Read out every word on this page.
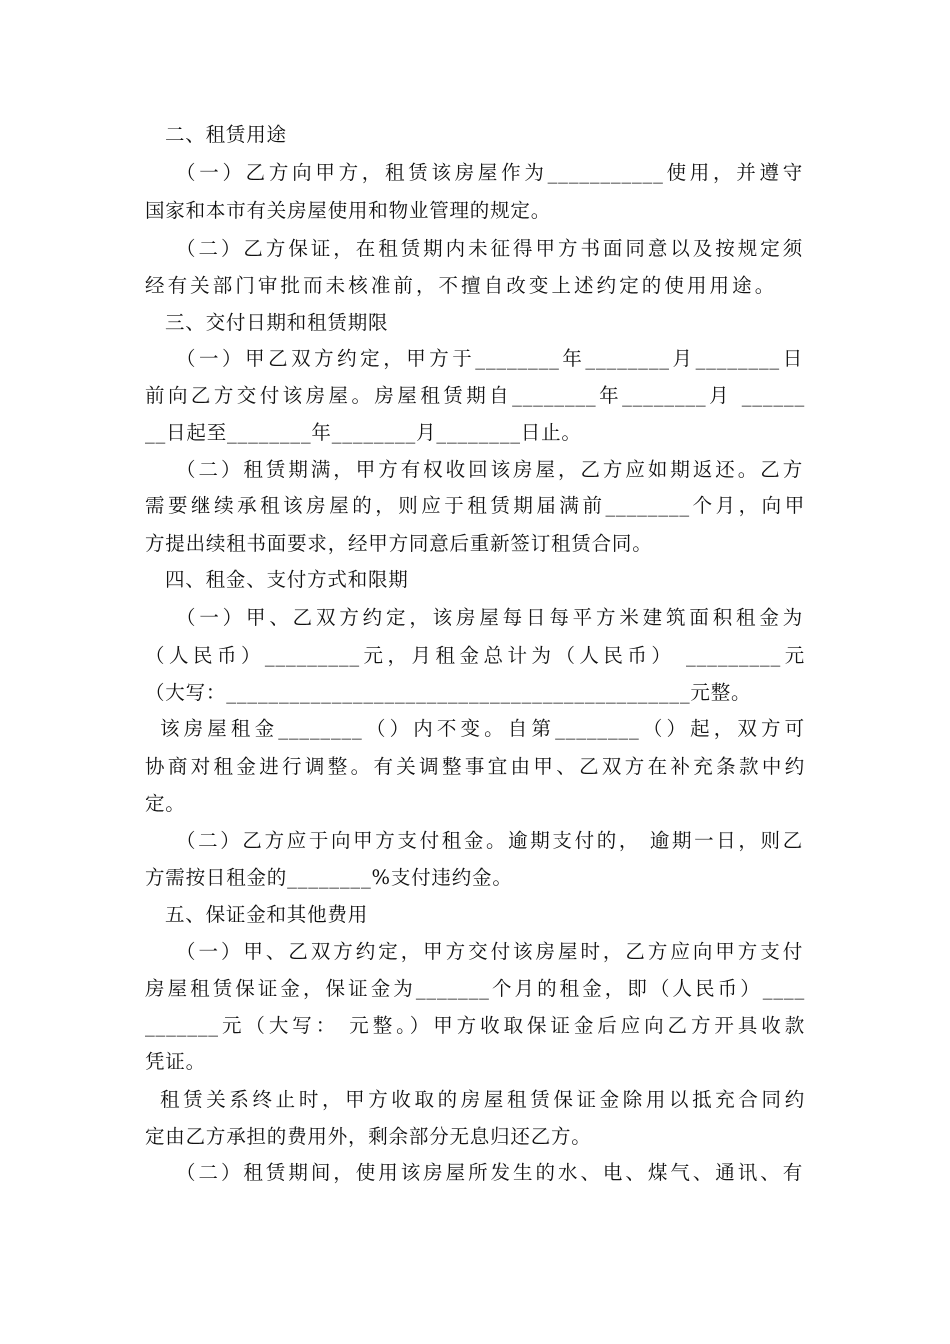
二、租赁用途
（一）乙方向甲方，租赁该房屋作为___________使用，并遵守
国家和本市有关房屋使用和物业管理的规定。
（二）乙方保证，在租赁期内未征得甲方书面同意以及按规定须
经有关部门审批而未核准前，不擅自改变上述约定的使用用途。
三、交付日期和租赁期限
（一）甲乙双方约定，甲方于________年________月________日
前向乙方交付该房屋。房屋租赁期自________年________月 ______
__日起至________年________月________日止。
（二）租赁期满，甲方有权收回该房屋，乙方应如期返还。乙方
需要继续承租该房屋的，则应于租赁期届满前________个月，向甲
方提出续租书面要求，经甲方同意后重新签订租赁合同。
四、租金、支付方式和限期
（一）甲、乙双方约定，该房屋每日每平方米建筑面积租金为
（人民币）_________元，月租金总计为（人民币） _________元
（大写：____________________________________________元整。
该房屋租金________（）内不变。自第________（）起，双方可
协商对租金进行调整。有关调整事宜由甲、乙双方在补充条款中约
定。
（二）乙方应于向甲方支付租金。逾期支付的， 逾期一日，则乙
方需按日租金的________%支付违约金。
五、保证金和其他费用
（一）甲、乙双方约定，甲方交付该房屋时，乙方应向甲方支付
房屋租赁保证金，保证金为_______个月的租金，即（人民币）____
_______元（大写： 元整。）甲方收取保证金后应向乙方开具收款
凭证。
租赁关系终止时，甲方收取的房屋租赁保证金除用以抵充合同约
定由乙方承担的费用外，剩余部分无息归还乙方。
（二）租赁期间，使用该房屋所发生的水、电、煤气、通讯、有
